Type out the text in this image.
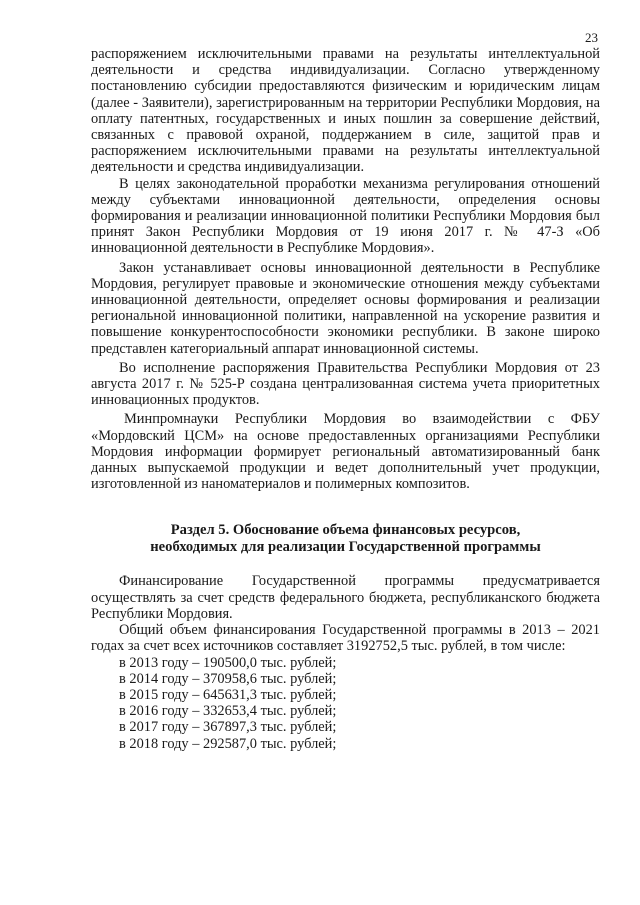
23

распоряжением исключительными правами на результаты интеллектуальной деятельности и средства индивидуализации. Согласно утвержденному постановлению субсидии предоставляются физическим и юридическим лицам (далее - Заявители), зарегистрированным на территории Республики Мордовия, на оплату патентных, государственных и иных пошлин за совершение действий, связанных с правовой охраной, поддержанием в силе, защитой прав и распоряжением исключительными правами на результаты интеллектуальной деятельности и средства индивидуализации.

В целях законодательной проработки механизма регулирования отношений между субъектами инновационной деятельности, определения основы формирования и реализации инновационной политики Республики Мордовия был принят Закон Республики Мордовия от 19 июня 2017 г. № 47-З «Об инновационной деятельности в Республике Мордовия».

Закон устанавливает основы инновационной деятельности в Республике Мордовия, регулирует правовые и экономические отношения между субъектами инновационной деятельности, определяет основы формирования и реализации региональной инновационной политики, направленной на ускорение развития и повышение конкурентоспособности экономики республики. В законе широко представлен категориальный аппарат инновационной системы.

Во исполнение распоряжения Правительства Республики Мордовия от 23 августа 2017 г. № 525-Р создана централизованная система учета приоритетных инновационных продуктов.

Минпромнауки Республики Мордовия во взаимодействии с ФБУ «Мордовский ЦСМ» на основе предоставленных организациями Республики Мордовия информации формирует региональный автоматизированный банк данных выпускаемой продукции и ведет дополнительный учет продукции, изготовленной из наноматериалов и полимерных композитов.

Раздел 5. Обоснование объема финансовых ресурсов,
необходимых для реализации Государственной программы

Финансирование Государственной программы предусматривается осуществлять за счет средств федерального бюджета, республиканского бюджета Республики Мордовия.

Общий объем финансирования Государственной программы в 2013 – 2021 годах за счет всех источников составляет 3192752,5 тыс. рублей, в том числе:

в 2013 году – 190500,0 тыс. рублей;
в 2014 году – 370958,6 тыс. рублей;
в 2015 году – 645631,3 тыс. рублей;
в 2016 году – 332653,4 тыс. рублей;
в 2017 году – 367897,3 тыс. рублей;
в 2018 году – 292587,0 тыс. рублей;
